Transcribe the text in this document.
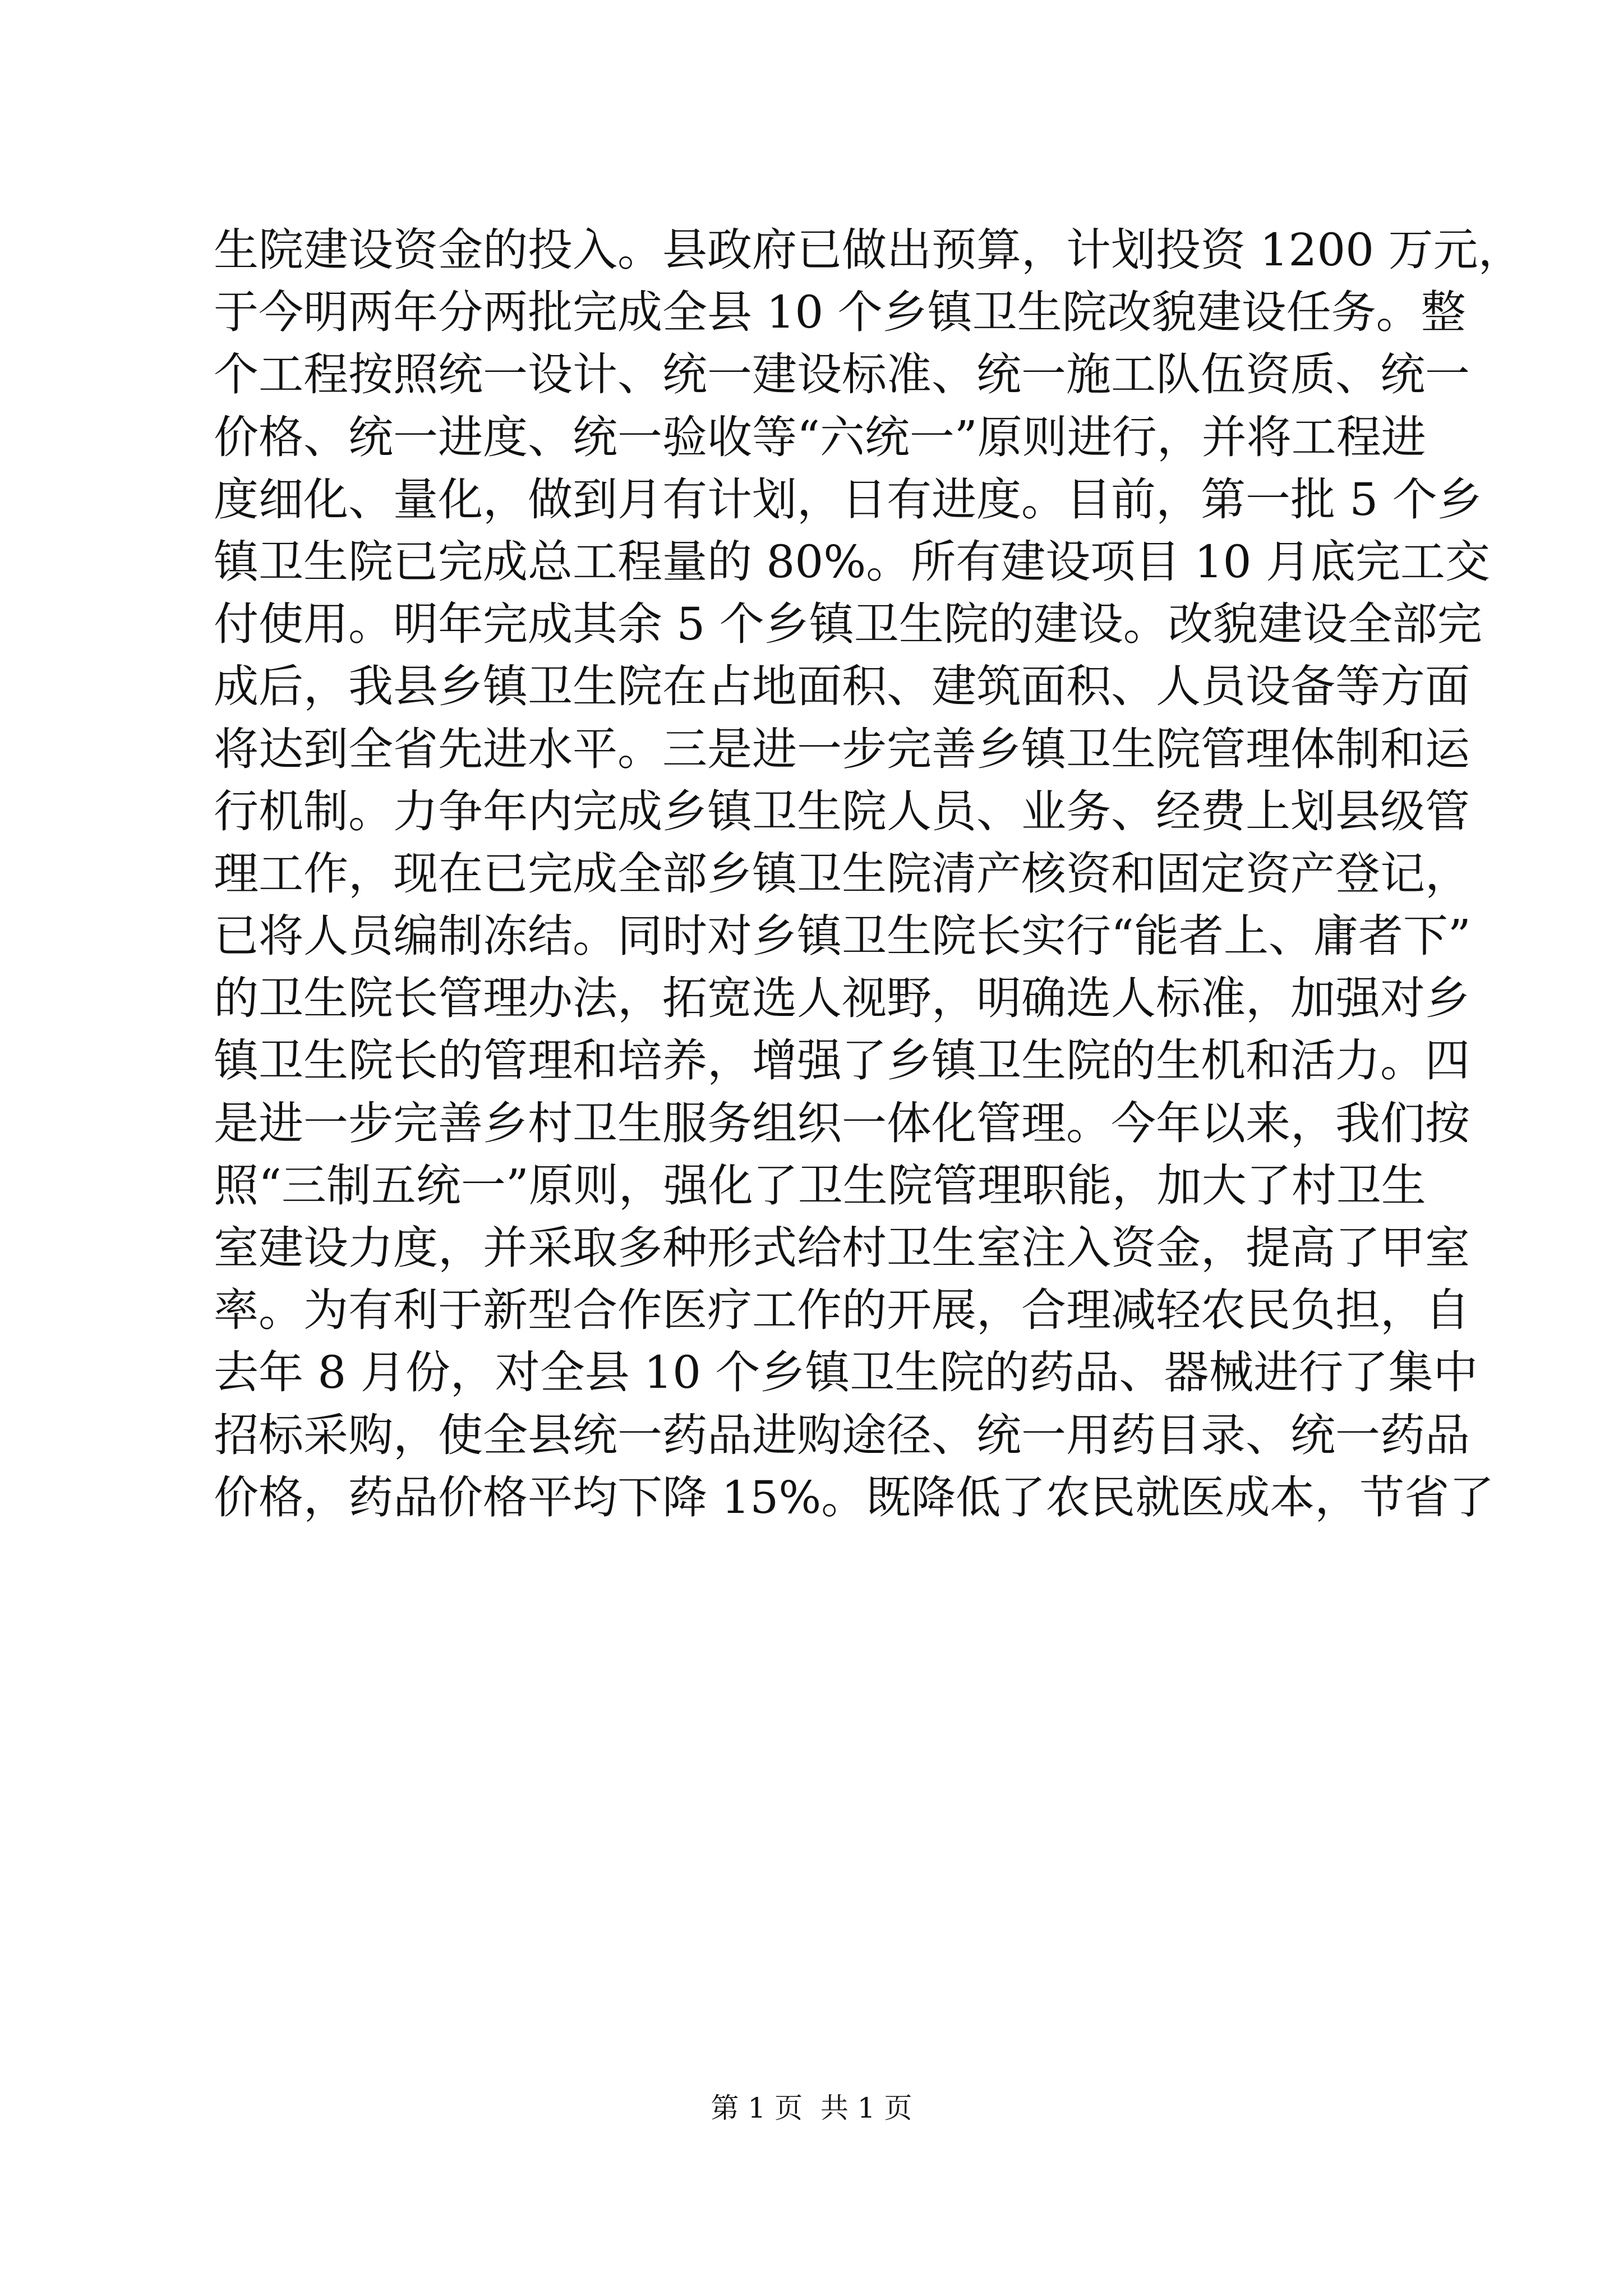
生院建设资金的投入。县政府已做出预算，计划投资 1200 万元，
于今明两年分两批完成全县 10 个乡镇卫生院改貌建设任务。整
个工程按照统一设计、统一建设标准、统一施工队伍资质、统一
价格、统一进度、统一验收等“六统一”原则进行，并将工程进
度细化、量化，做到月有计划，日有进度。目前，第一批 5 个乡
镇卫生院已完成总工程量的 80%。所有建设项目 10 月底完工交
付使用。明年完成其余 5 个乡镇卫生院的建设。改貌建设全部完
成后，我县乡镇卫生院在占地面积、建筑面积、人员设备等方面
将达到全省先进水平。三是进一步完善乡镇卫生院管理体制和运
行机制。力争年内完成乡镇卫生院人员、业务、经费上划县级管
理工作，现在已完成全部乡镇卫生院清产核资和固定资产登记，
已将人员编制冻结。同时对乡镇卫生院长实行“能者上、庸者下”
的卫生院长管理办法，拓宽选人视野，明确选人标准，加强对乡
镇卫生院长的管理和培养，增强了乡镇卫生院的生机和活力。四
是进一步完善乡村卫生服务组织一体化管理。今年以来，我们按
照“三制五统一”原则，强化了卫生院管理职能，加大了村卫生
室建设力度，并采取多种形式给村卫生室注入资金，提高了甲室
率。为有利于新型合作医疗工作的开展，合理减轻农民负担，自
去年 8 月份，对全县 10 个乡镇卫生院的药品、器械进行了集中
招标采购，使全县统一药品进购途径、统一用药目录、统一药品
价格，药品价格平均下降 15%。既降低了农民就医成本，节省了
第 1 页  共 1 页
